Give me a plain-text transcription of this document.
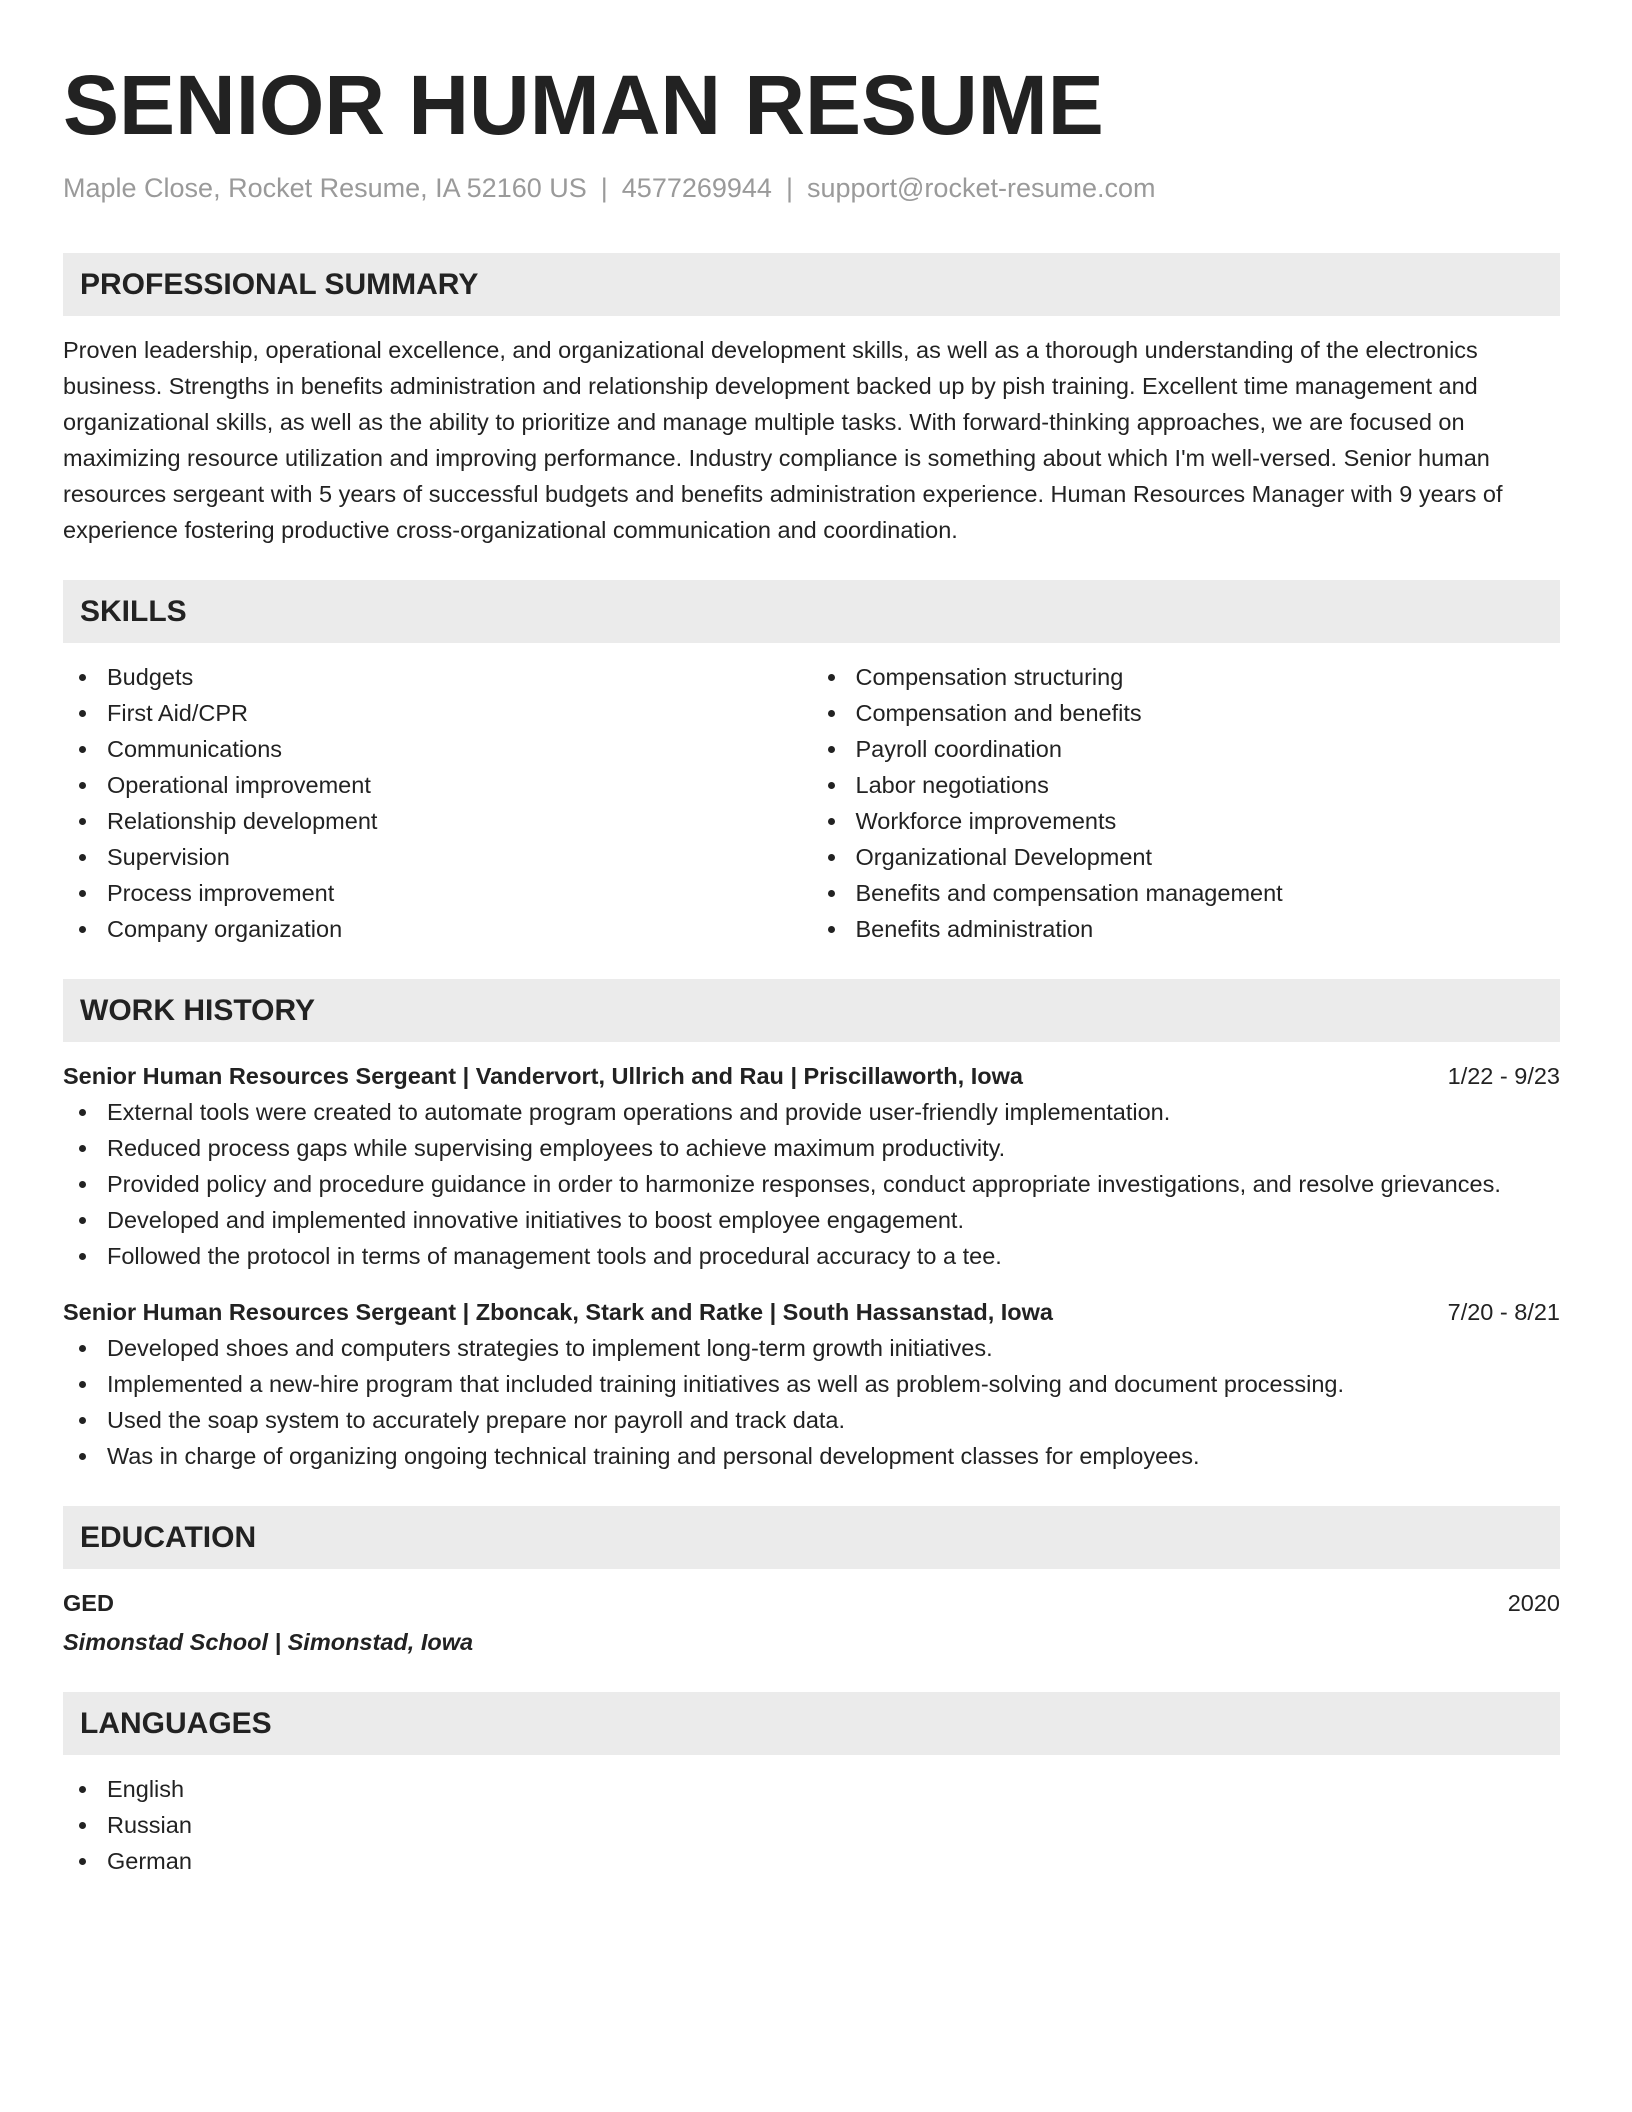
SENIOR HUMAN RESUME
Maple Close, Rocket Resume, IA 52160 US | 4577269944 | support@rocket-resume.com
PROFESSIONAL SUMMARY

Proven leadership, operational excellence, and organizational development skills, as well as a thorough understanding of the electronics business. Strengths in benefits administration and relationship development backed up by pish training. Excellent time management and organizational skills, as well as the ability to prioritize and manage multiple tasks. With forward-thinking approaches, we are focused on maximizing resource utilization and improving performance. Industry compliance is something about which I'm well-versed. Senior human resources sergeant with 5 years of successful budgets and benefits administration experience. Human Resources Manager with 9 years of experience fostering productive cross-organizational communication and coordination.

SKILLS
Budgets
First Aid/CPR
Communications
Operational improvement
Relationship development
Supervision
Process improvement
Company organization
Compensation structuring
Compensation and benefits
Payroll coordination
Labor negotiations
Workforce improvements
Organizational Development
Benefits and compensation management
Benefits administration
WORK HISTORY
Senior Human Resources Sergeant | Vandervort, Ullrich and Rau | Priscillaworth, Iowa	1/22 - 9/23
External tools were created to automate program operations and provide user-friendly implementation.
Reduced process gaps while supervising employees to achieve maximum productivity.
Provided policy and procedure guidance in order to harmonize responses, conduct appropriate investigations, and resolve grievances.
Developed and implemented innovative initiatives to boost employee engagement.
Followed the protocol in terms of management tools and procedural accuracy to a tee.
Senior Human Resources Sergeant | Zboncak, Stark and Ratke | South Hassanstad, Iowa	7/20 - 8/21
Developed shoes and computers strategies to implement long-term growth initiatives.
Implemented a new-hire program that included training initiatives as well as problem-solving and document processing.
Used the soap system to accurately prepare nor payroll and track data.
Was in charge of organizing ongoing technical training and personal development classes for employees.
EDUCATION
GED	2020
Simonstad School | Simonstad, Iowa
LANGUAGES
English
Russian
German
